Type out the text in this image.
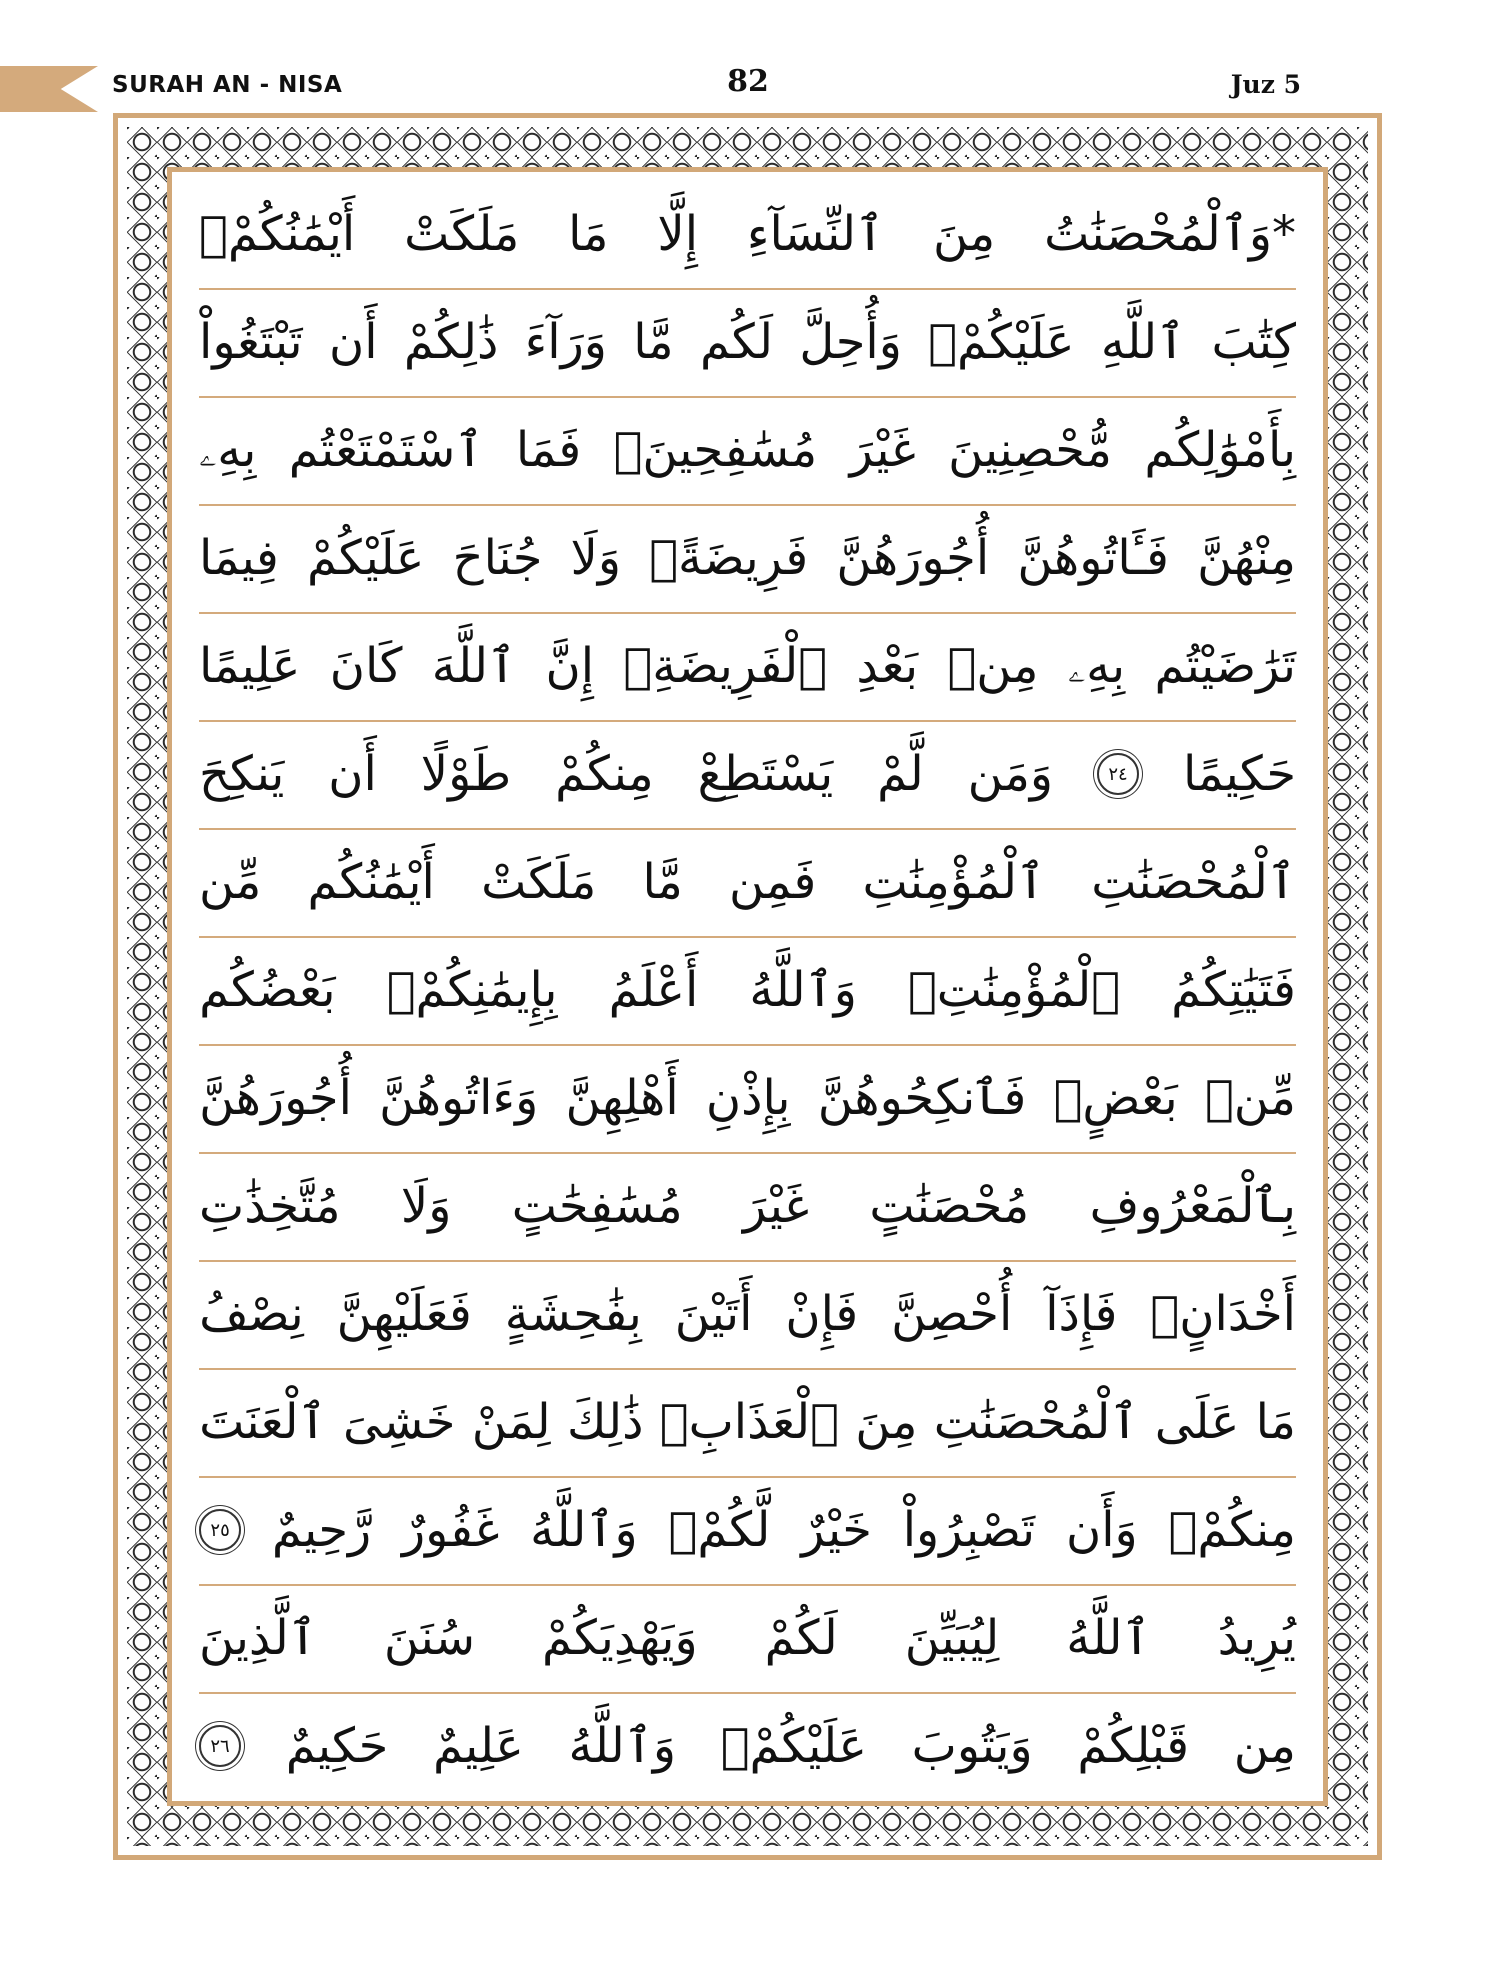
SURAH AN - NISA	82	Juz 5
*وَٱلْمُحْصَنَٰتُ
مِنَ
ٱلنِّسَآءِ
إِلَّا
مَا
مَلَكَتْ
أَيْمَٰنُكُمْۖ
كِتَٰبَ
ٱللَّهِ
عَلَيْكُمْۚ
وَأُحِلَّ
لَكُم
مَّا
وَرَآءَ
ذَٰلِكُمْ
أَن
تَبْتَغُواْ
بِأَمْوَٰلِكُم
مُّحْصِنِينَ
غَيْرَ
مُسَٰفِحِينَۚ
فَمَا
ٱسْتَمْتَعْتُم
بِهِۦ
مِنْهُنَّ
فَـَٔاتُوهُنَّ
أُجُورَهُنَّ
فَرِيضَةًۚ
وَلَا
جُنَاحَ
عَلَيْكُمْ
فِيمَا
تَرَٰضَيْتُم
بِهِۦ
مِنۢ
بَعْدِ
ٱلْفَرِيضَةِۚ
إِنَّ
ٱللَّهَ
كَانَ
عَلِيمًا
حَكِيمًا
٢٤
وَمَن
لَّمْ
يَسْتَطِعْ
مِنكُمْ
طَوْلًا
أَن
يَنكِحَ
ٱلْمُحْصَنَٰتِ
ٱلْمُؤْمِنَٰتِ
فَمِن
مَّا
مَلَكَتْ
أَيْمَٰنُكُم
مِّن
فَتَيَٰتِكُمُ
ٱلْمُؤْمِنَٰتِۚ
وَٱللَّهُ
أَعْلَمُ
بِإِيمَٰنِكُمْۚ
بَعْضُكُم
مِّنۢ
بَعْضٍۚ
فَٱنكِحُوهُنَّ
بِإِذْنِ
أَهْلِهِنَّ
وَءَاتُوهُنَّ
أُجُورَهُنَّ
بِٱلْمَعْرُوفِ
مُحْصَنَٰتٍ
غَيْرَ
مُسَٰفِحَٰتٍ
وَلَا
مُتَّخِذَٰتِ
أَخْدَانٍۚ
فَإِذَآ
أُحْصِنَّ
فَإِنْ
أَتَيْنَ
بِفَٰحِشَةٍ
فَعَلَيْهِنَّ
نِصْفُ
مَا
عَلَى
ٱلْمُحْصَنَٰتِ
مِنَ
ٱلْعَذَابِۚ
ذَٰلِكَ
لِمَنْ
خَشِىَ
ٱلْعَنَتَ
مِنكُمْۚ
وَأَن
تَصْبِرُواْ
خَيْرٌ
لَّكُمْۗ
وَٱللَّهُ
غَفُورٌ
رَّحِيمٌ
٢٥
يُرِيدُ
ٱللَّهُ
لِيُبَيِّنَ
لَكُمْ
وَيَهْدِيَكُمْ
سُنَنَ
ٱلَّذِينَ
مِن
قَبْلِكُمْ
وَيَتُوبَ
عَلَيْكُمْۗ
وَٱللَّهُ
عَلِيمٌ
حَكِيمٌ
٢٦
